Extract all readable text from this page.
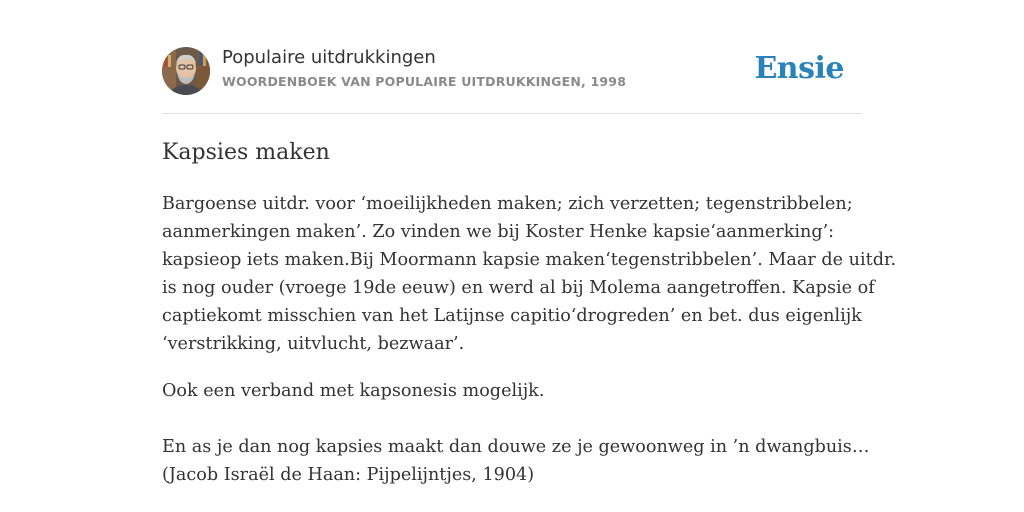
Populaire uitdrukkingen
WOORDENBOEK VAN POPULAIRE UITDRUKKINGEN, 1998	Ensie
Kapsies maken

Bargoense uitdr. voor ‘moeilijkheden maken; zich verzetten; tegenstribbelen;

aanmerkingen maken’. Zo vinden we bij Koster Henke kapsie‘aanmerking’:

kapsieop iets maken.Bij Moormann kapsie maken‘tegenstribbelen’. Maar de uitdr.

is nog ouder (vroege 19de eeuw) en werd al bij Molema aangetroffen. Kapsie of

captiekomt misschien van het Latijnse capitio‘drogreden’ en bet. dus eigenlijk

‘verstrikking, uitvlucht, bezwaar’.

Ook een verband met kapsonesis mogelijk.

En as je dan nog kapsies maakt dan douwe ze je gewoonweg in ’n dwangbuis…

(Jacob Israël de Haan: Pijpelijntjes, 1904)
